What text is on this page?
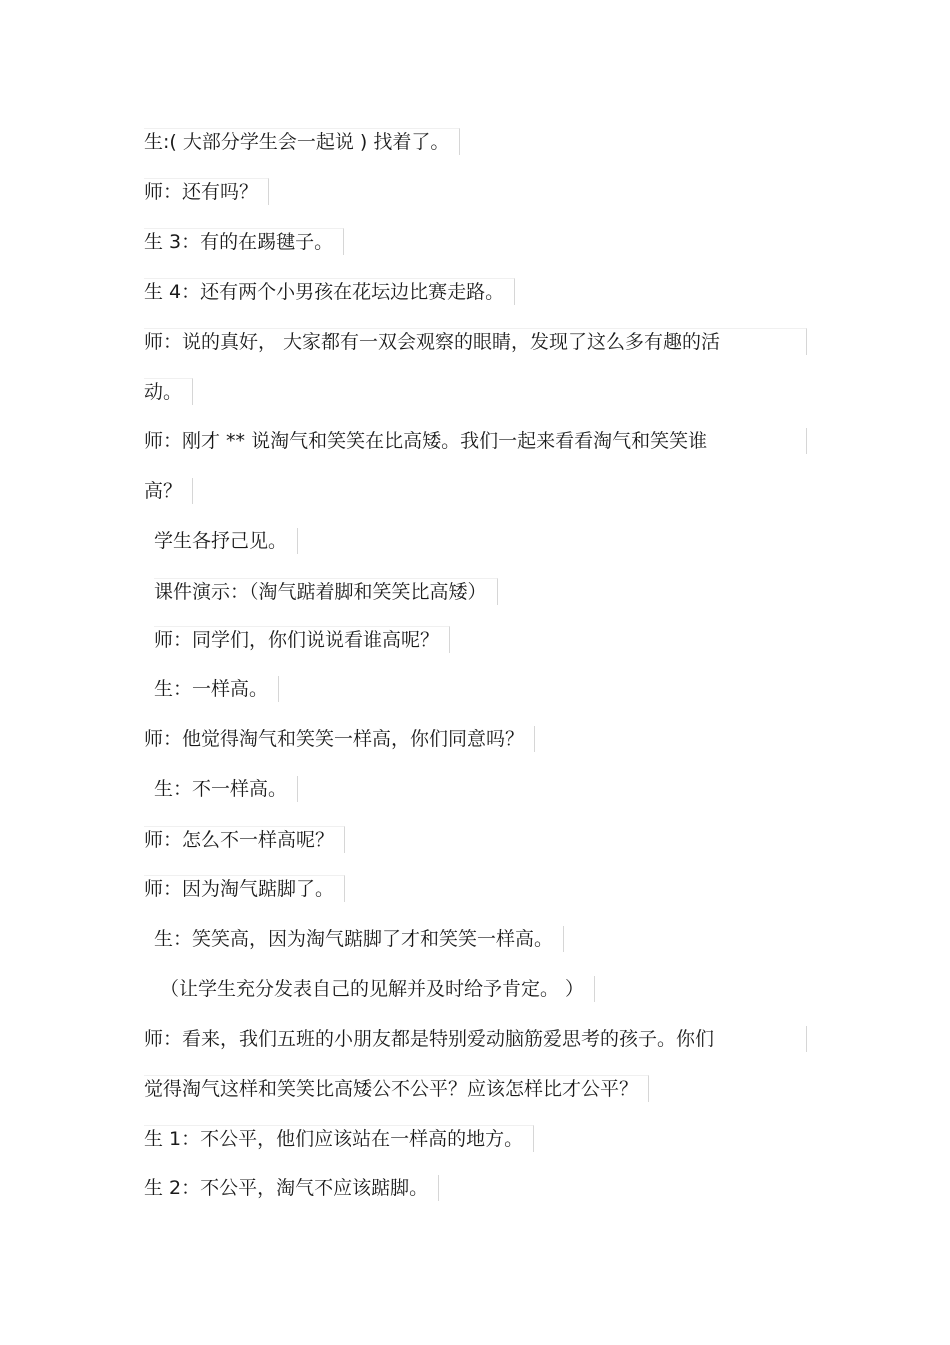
生:( 大部分学生会一起说 ) 找着了。
师：还有吗？
生 3：有的在踢毽子。
生 4：还有两个小男孩在花坛边比赛走路。
师：说的真好， 大家都有一双会观察的眼睛，发现了这么多有趣的活
动。
师：刚才 ** 说淘气和笑笑在比高矮。我们一起来看看淘气和笑笑谁
高？
学生各抒己见。
课件演示：（淘气踮着脚和笑笑比高矮）
师：同学们，你们说说看谁高呢？
生：一样高。
师：他觉得淘气和笑笑一样高，你们同意吗？
生：不一样高。
师：怎么不一样高呢？
师：因为淘气踮脚了。
生：笑笑高，因为淘气踮脚了才和笑笑一样高。
（让学生充分发表自己的见解并及时给予肯定。 ）
师：看来，我们五班的小朋友都是特别爱动脑筋爱思考的孩子。你们
觉得淘气这样和笑笑比高矮公不公平？应该怎样比才公平？
生 1：不公平，他们应该站在一样高的地方。
生 2：不公平，淘气不应该踮脚。
